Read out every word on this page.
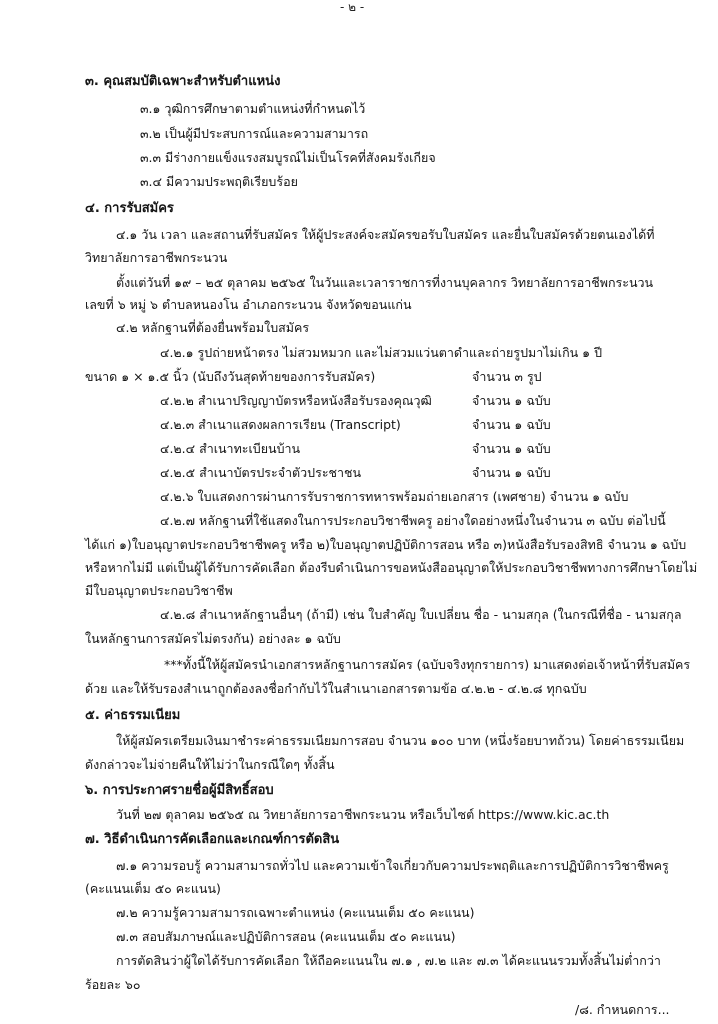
- ๒ -
๓. คุณสมบัติเฉพาะสำหรับตำแหน่ง
๓.๑ วุฒิการศึกษาตามตำแหน่งที่กำหนดไว้
๓.๒ เป็นผู้มีประสบการณ์และความสามารถ
๓.๓ มีร่างกายแข็งแรงสมบูรณ์ไม่เป็นโรคที่สังคมรังเกียจ
๓.๔ มีความประพฤติเรียบร้อย
๔. การรับสมัคร
๔.๑ วัน เวลา และสถานที่รับสมัคร ให้ผู้ประสงค์จะสมัครขอรับใบสมัคร และยื่นใบสมัครด้วยตนเองได้ที่
วิทยาลัยการอาชีพกระนวน
ตั้งแต่วันที่ ๑๙ – ๒๕ ตุลาคม ๒๕๖๕ ในวันและเวลาราชการที่งานบุคลากร วิทยาลัยการอาชีพกระนวน
เลขที่ ๖ หมู่ ๖ ตำบลหนองโน อำเภอกระนวน จังหวัดขอนแก่น
๔.๒ หลักฐานที่ต้องยื่นพร้อมใบสมัคร
๔.๒.๑ รูปถ่ายหน้าตรง ไม่สวมหมวก และไม่สวมแว่นตาดำและถ่ายรูปมาไม่เกิน ๑ ปี
ขนาด ๑ × ๑.๕ นิ้ว (นับถึงวันสุดท้ายของการรับสมัคร)	จำนวน ๓ รูป
๔.๒.๒ สำเนาปริญญาบัตรหรือหนังสือรับรองคุณวุฒิ	จำนวน ๑ ฉบับ
๔.๒.๓ สำเนาแสดงผลการเรียน (Transcript)	จำนวน ๑ ฉบับ
๔.๒.๔ สำเนาทะเบียนบ้าน	จำนวน ๑ ฉบับ
๔.๒.๕ สำเนาบัตรประจำตัวประชาชน	จำนวน ๑ ฉบับ
๔.๒.๖ ใบแสดงการผ่านการรับราชการทหารพร้อมถ่ายเอกสาร (เพศชาย) จำนวน ๑ ฉบับ
๔.๒.๗ หลักฐานที่ใช้แสดงในการประกอบวิชาชีพครู อย่างใดอย่างหนึ่งในจำนวน ๓ ฉบับ ต่อไปนี้
ได้แก่ ๑)ใบอนุญาตประกอบวิชาชีพครู หรือ ๒)ใบอนุญาตปฏิบัติการสอน หรือ ๓)หนังสือรับรองสิทธิ จำนวน ๑ ฉบับ
หรือหากไม่มี แต่เป็นผู้ได้รับการคัดเลือก ต้องรีบดำเนินการขอหนังสืออนุญาตให้ประกอบวิชาชีพทางการศึกษาโดยไม่
มีใบอนุญาตประกอบวิชาชีพ
๔.๒.๘ สำเนาหลักฐานอื่นๆ (ถ้ามี) เช่น ใบสำคัญ ใบเปลี่ยน ชื่อ - นามสกุล (ในกรณีที่ชื่อ - นามสกุล
ในหลักฐานการสมัครไม่ตรงกัน) อย่างละ ๑ ฉบับ
***ทั้งนี้ให้ผู้สมัครนำเอกสารหลักฐานการสมัคร (ฉบับจริงทุกรายการ) มาแสดงต่อเจ้าหน้าที่รับสมัคร
ด้วย และให้รับรองสำเนาถูกต้องลงชื่อกำกับไว้ในสำเนาเอกสารตามข้อ ๔.๒.๒ - ๔.๒.๘ ทุกฉบับ
๕. ค่าธรรมเนียม
ให้ผู้สมัครเตรียมเงินมาชำระค่าธรรมเนียมการสอบ จำนวน ๑๐๐ บาท (หนึ่งร้อยบาทถ้วน) โดยค่าธรรมเนียม
ดังกล่าวจะไม่จ่ายคืนให้ไม่ว่าในกรณีใดๆ ทั้งสิ้น
๖. การประกาศรายชื่อผู้มีสิทธิ์สอบ
วันที่ ๒๗ ตุลาคม ๒๕๖๕ ณ วิทยาลัยการอาชีพกระนวน หรือเว็บไซต์ https://www.kic.ac.th
๗. วิธีดำเนินการคัดเลือกและเกณฑ์การตัดสิน
๗.๑ ความรอบรู้ ความสามารถทั่วไป และความเข้าใจเกี่ยวกับความประพฤติและการปฏิบัติการวิชาชีพครู
(คะแนนเต็ม ๕๐ คะแนน)
๗.๒ ความรู้ความสามารถเฉพาะตำแหน่ง (คะแนนเต็ม ๕๐ คะแนน)
๗.๓ สอบสัมภาษณ์และปฏิบัติการสอน (คะแนนเต็ม ๕๐ คะแนน)
การตัดสินว่าผู้ใดได้รับการคัดเลือก ให้ถือคะแนนใน ๗.๑ , ๗.๒ และ ๗.๓ ได้คะแนนรวมทั้งสิ้นไม่ต่ำกว่า
ร้อยละ ๖๐
/๘. กำหนดการ...
